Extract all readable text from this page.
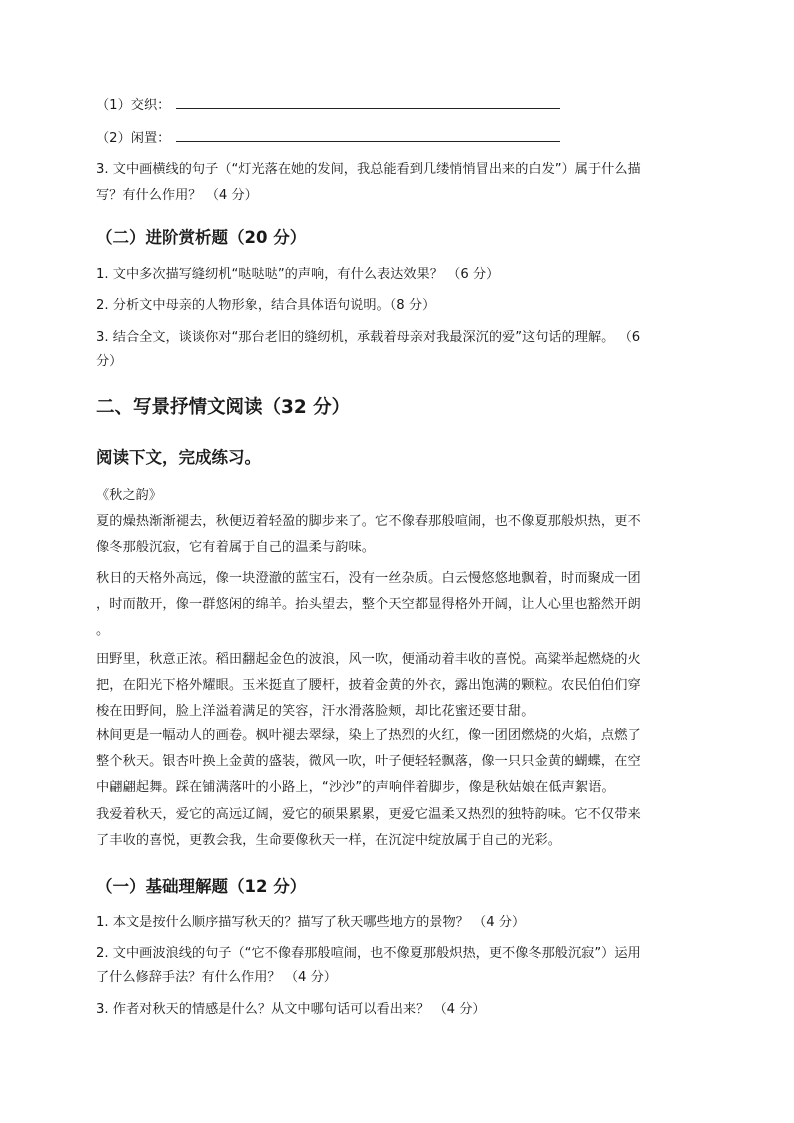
（1）交织：
（2）闲置：
3. 文中画横线的句子（“灯光落在她的发间，我总能看到几缕悄悄冒出来的白发”）属于什么描
写？有什么作用？ （4 分）
（二）进阶赏析题（20 分）
1. 文中多次描写缝纫机“哒哒哒”的声响，有什么表达效果？ （6 分）
2. 分析文中母亲的人物形象，结合具体语句说明。（8 分）
3. 结合全文，谈谈你对“那台老旧的缝纫机，承载着母亲对我最深沉的爱”这句话的理解。 （6
分）
二、写景抒情文阅读（32 分）
阅读下文，完成练习。
《秋之韵》
夏的燥热渐渐褪去，秋便迈着轻盈的脚步来了。它不像春那般喧闹，也不像夏那般炽热，更不
像冬那般沉寂，它有着属于自己的温柔与韵味。
秋日的天格外高远，像一块澄澈的蓝宝石，没有一丝杂质。白云慢悠悠地飘着，时而聚成一团
，时而散开，像一群悠闲的绵羊。抬头望去，整个天空都显得格外开阔，让人心里也豁然开朗
。
田野里，秋意正浓。稻田翻起金色的波浪，风一吹，便涌动着丰收的喜悦。高粱举起燃烧的火
把，在阳光下格外耀眼。玉米挺直了腰杆，披着金黄的外衣，露出饱满的颗粒。农民伯伯们穿
梭在田野间，脸上洋溢着满足的笑容，汗水滑落脸颊，却比花蜜还要甘甜。
林间更是一幅动人的画卷。枫叶褪去翠绿，染上了热烈的火红，像一团团燃烧的火焰，点燃了
整个秋天。银杏叶换上金黄的盛装，微风一吹，叶子便轻轻飘落，像一只只金黄的蝴蝶，在空
中翩翩起舞。踩在铺满落叶的小路上，“沙沙”的声响伴着脚步，像是秋姑娘在低声絮语。
我爱着秋天，爱它的高远辽阔，爱它的硕果累累，更爱它温柔又热烈的独特韵味。它不仅带来
了丰收的喜悦，更教会我，生命要像秋天一样，在沉淀中绽放属于自己的光彩。
（一）基础理解题（12 分）
1. 本文是按什么顺序描写秋天的？描写了秋天哪些地方的景物？ （4 分）
2. 文中画波浪线的句子（“它不像春那般喧闹，也不像夏那般炽热，更不像冬那般沉寂”）运用
了什么修辞手法？有什么作用？ （4 分）
3. 作者对秋天的情感是什么？从文中哪句话可以看出来？ （4 分）
